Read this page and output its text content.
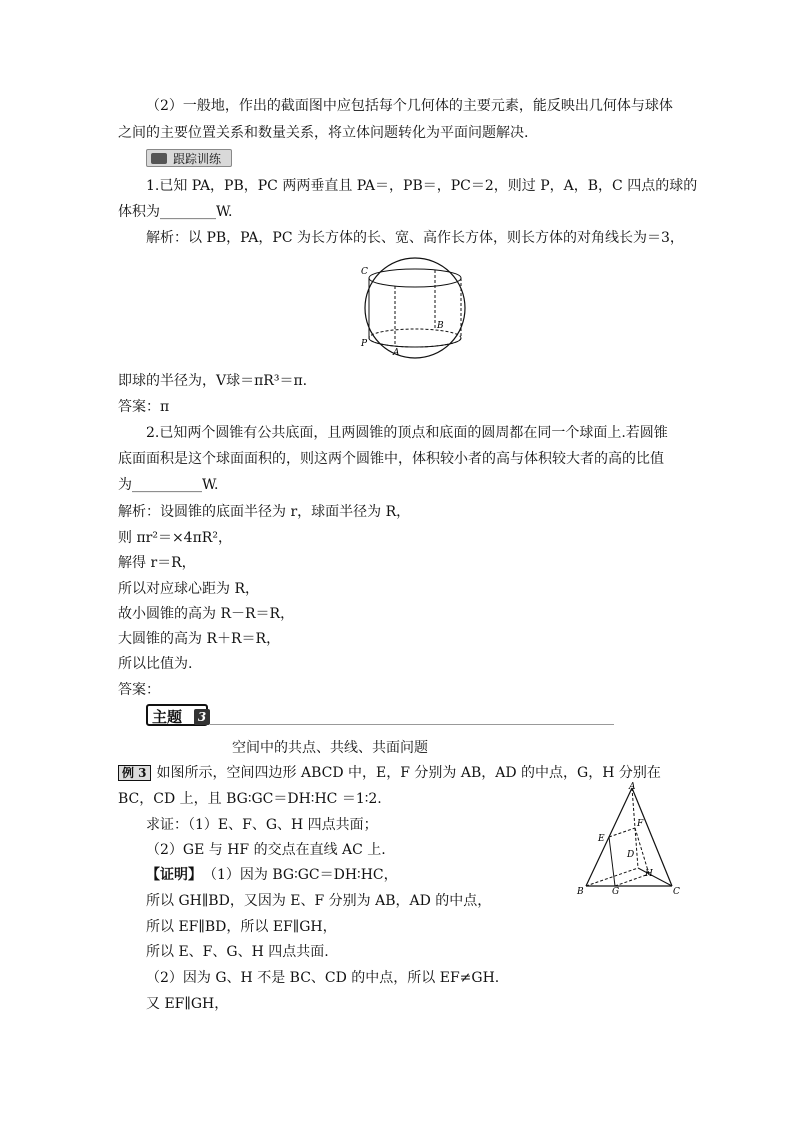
（2）一般地，作出的截面图中应包括每个几何体的主要元素，能反映出几何体与球体
之间的主要位置关系和数量关系，将立体问题转化为平面问题解决.
跟踪训练
1.已知 PA，PB，PC 两两垂直且 PA＝，PB＝，PC＝2，则过 P，A，B，C 四点的球的
体积为________W.
解析：以 PB，PA，PC 为长方体的长、宽、高作长方体，则长方体的对角线长为＝3，
C
B
P
A
即球的半径为，V球＝πR³＝π.
答案：π
2.已知两个圆锥有公共底面，且两圆锥的顶点和底面的圆周都在同一个球面上.若圆锥
底面面积是这个球面面积的，则这两个圆锥中，体积较小者的高与体积较大者的高的比值
为__________W.
解析：设圆锥的底面半径为 r，球面半径为 R，
则 πr²＝×4πR²，
解得 r＝R，
所以对应球心距为 R，
故小圆锥的高为 R－R＝R，
大圆锥的高为 R＋R＝R，
所以比值为.
答案：
主题	3
空间中的共点、共线、共面问题
例 3 如图所示，空间四边形 ABCD 中，E，F 分别为 AB，AD 的中点，G，H 分别在
BC，CD 上，且 BG∶GC＝DH∶HC ＝1∶2.
求证：（1）E、F、G、H 四点共面；
（2）GE 与 HF 的交点在直线 AC 上.
【证明】 （1）因为 BG∶GC＝DH∶HC，
所以 GH∥BD，又因为 E、F 分别为 AB，AD 的中点，
所以 EF∥BD，所以 EF∥GH，
所以 E、F、G、H 四点共面.
（2）因为 G、H 不是 BC、CD 的中点，所以 EF≠GH.
又 EF∥GH，
A
E
F
D
H
B	G	C
